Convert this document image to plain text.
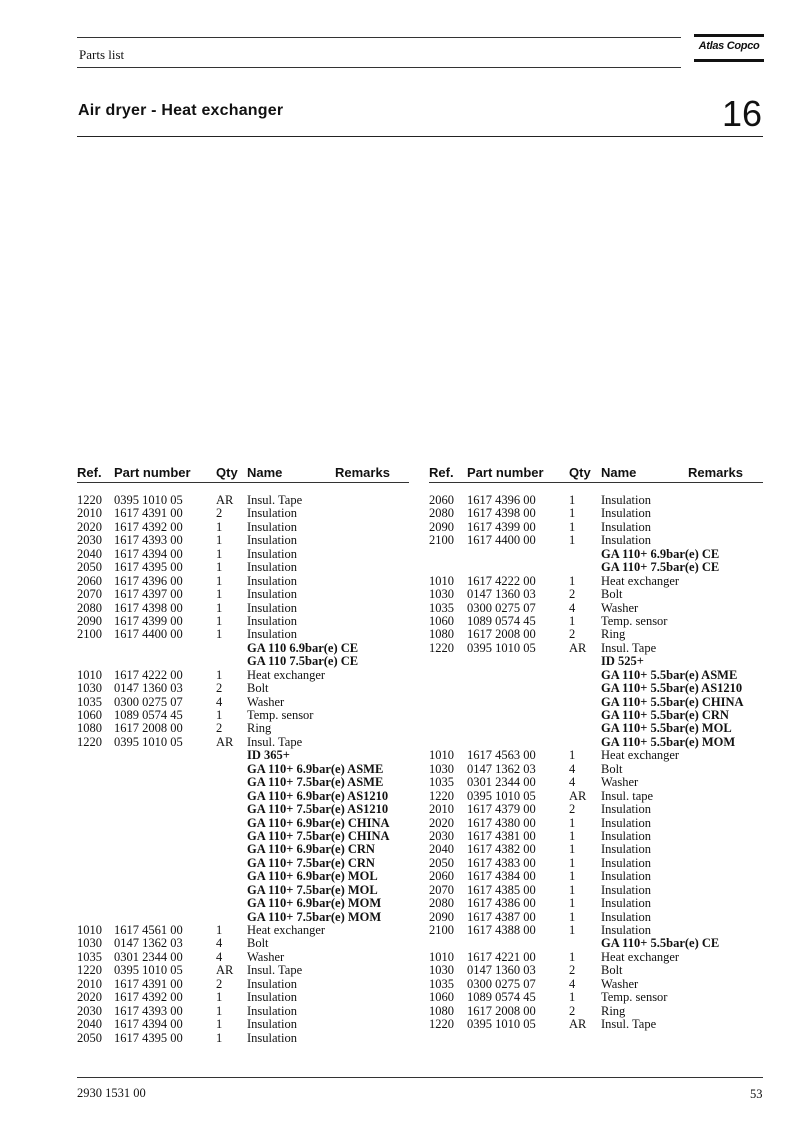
Parts list
Atlas Copco
Air dryer - Heat exchanger	16
Ref. Part number Qty Name	Remarks	Ref. Part number Qty Name	Remarks
1220 0395 1010 05	AR Insul. Tape
2010 1617 4391 00	2 Insulation
2020 1617 4392 00	1 Insulation
2030 1617 4393 00	1 Insulation
2040 1617 4394 00	1 Insulation
2050 1617 4395 00	1 Insulation
2060 1617 4396 00	1 Insulation
2070 1617 4397 00	1 Insulation
2080 1617 4398 00	1 Insulation
2090 1617 4399 00	1 Insulation
2100 1617 4400 00	1 Insulation
GA 110 6.9bar(e) CE
GA 110 7.5bar(e) CE
1010 1617 4222 00	1 Heat exchanger
1030 0147 1360 03	2 Bolt
1035 0300 0275 07	4 Washer
1060 1089 0574 45	1 Temp. sensor
1080 1617 2008 00	2 Ring
1220 0395 1010 05	AR Insul. Tape
ID 365+
GA 110+ 6.9bar(e) ASME
GA 110+ 7.5bar(e) ASME
GA 110+ 6.9bar(e) AS1210
GA 110+ 7.5bar(e) AS1210
GA 110+ 6.9bar(e) CHINA
GA 110+ 7.5bar(e) CHINA
GA 110+ 6.9bar(e) CRN
GA 110+ 7.5bar(e) CRN
GA 110+ 6.9bar(e) MOL
GA 110+ 7.5bar(e) MOL
GA 110+ 6.9bar(e) MOM
GA 110+ 7.5bar(e) MOM
1010 1617 4561 00	1 Heat exchanger
1030 0147 1362 03	4 Bolt
1035 0301 2344 00	4 Washer
1220 0395 1010 05	AR Insul. Tape
2010 1617 4391 00	2 Insulation
2020 1617 4392 00	1 Insulation
2030 1617 4393 00	1 Insulation
2040 1617 4394 00	1 Insulation
2050 1617 4395 00	1 Insulation
2060 1617 4396 00	1 Insulation
2080 1617 4398 00	1 Insulation
2090 1617 4399 00	1 Insulation
2100 1617 4400 00	1 Insulation
GA 110+ 6.9bar(e) CE
GA 110+ 7.5bar(e) CE
1010 1617 4222 00	1 Heat exchanger
1030 0147 1360 03	2 Bolt
1035 0300 0275 07	4 Washer
1060 1089 0574 45	1 Temp. sensor
1080 1617 2008 00	2 Ring
1220 0395 1010 05	AR Insul. Tape
ID 525+
GA 110+ 5.5bar(e) ASME
GA 110+ 5.5bar(e) AS1210
GA 110+ 5.5bar(e) CHINA
GA 110+ 5.5bar(e) CRN
GA 110+ 5.5bar(e) MOL
GA 110+ 5.5bar(e) MOM
1010 1617 4563 00	1 Heat exchanger
1030 0147 1362 03	4 Bolt
1035 0301 2344 00	4 Washer
1220 0395 1010 05	AR Insul. tape
2010 1617 4379 00	2 Insulation
2020 1617 4380 00	1 Insulation
2030 1617 4381 00	1 Insulation
2040 1617 4382 00	1 Insulation
2050 1617 4383 00	1 Insulation
2060 1617 4384 00	1 Insulation
2070 1617 4385 00	1 Insulation
2080 1617 4386 00	1 Insulation
2090 1617 4387 00	1 Insulation
2100 1617 4388 00	1 Insulation
GA 110+ 5.5bar(e) CE
1010 1617 4221 00	1 Heat exchanger
1030 0147 1360 03	2 Bolt
1035 0300 0275 07	4 Washer
1060 1089 0574 45	1 Temp. sensor
1080 1617 2008 00	2 Ring
1220 0395 1010 05	AR Insul. Tape
2930 1531 00	53
